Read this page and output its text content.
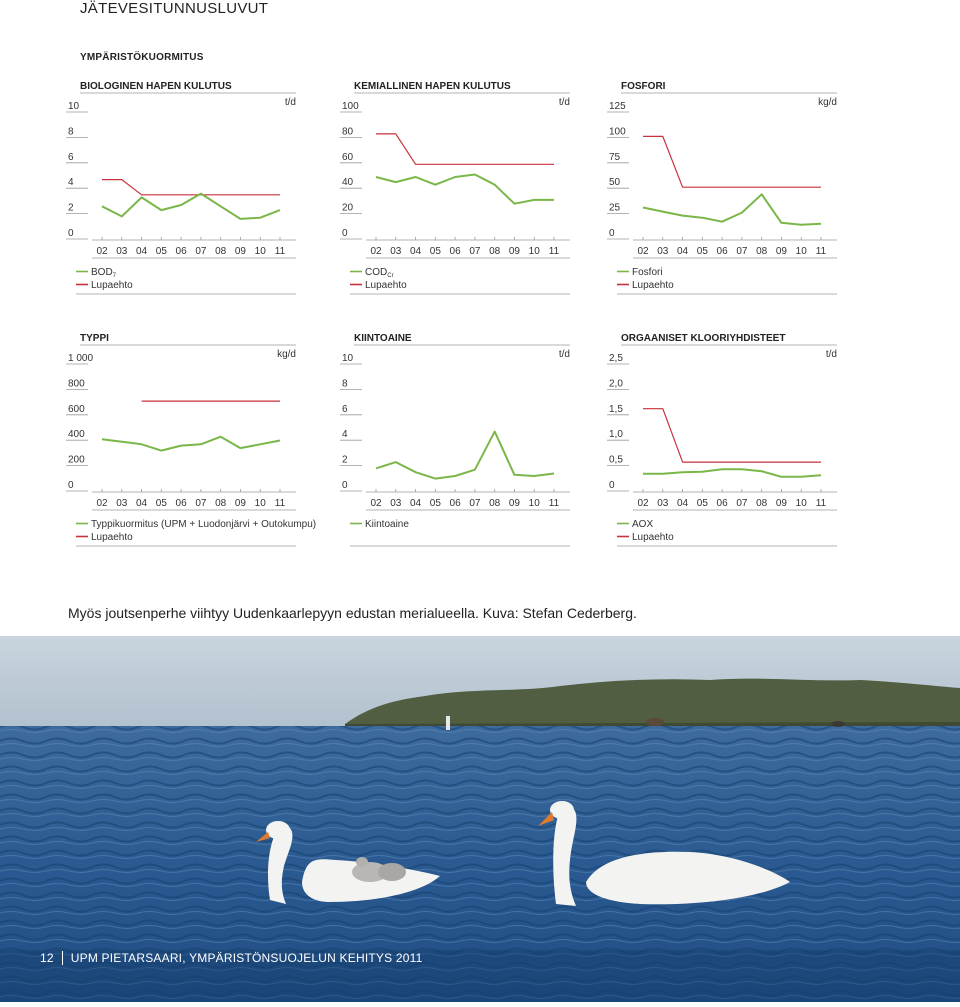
JÄTEVESITUNNUSLUVUT
YMPÄRISTÖKUORMITUS
BIOLOGINEN HAPEN KULUTUS
t/d
0
2
4
6
8
10
02 03 04 05 06 07 08 09 10 11
$BOD_7$
Lupaehto
KEMIALLINEN HAPEN KULUTUS
t/d
0
20
40
60
80
100
02 03 04 05 06 07 08 09 10 11
$COD_{Cr}$
Lupaehto
FOSFORI
kg/d
0
25
50
75
100
125
02 03 04 05 06 07 08 09 10 11
Fosfori
Lupaehto
TYPPI
kg/d
0
200
400
600
800
1 000
02 03 04 05 06 07 08 09 10 11
Typpikuormitus (UPM + Luodonjärvi + Outokumpu)
Lupaehto
KIINTOAINE
t/d
0
2
4
6
8
10
02 03 04 05 06 07 08 09 10 11
Kiintoaine
ORGAANISET KLOORIYHDISTEET
t/d
0
0,5
1,0
1,5
2,0
2,5
02 03 04 05 06 07 08 09 10 11
AOX
Lupaehto
Myös joutsenperhe viihtyy Uudenkaarlepyyn edustan merialueella. Kuva: Stefan Cederberg.
12 UPM PIETARSAARI, YMPÄRISTÖNSUOJELUN KEHITYS 2011
